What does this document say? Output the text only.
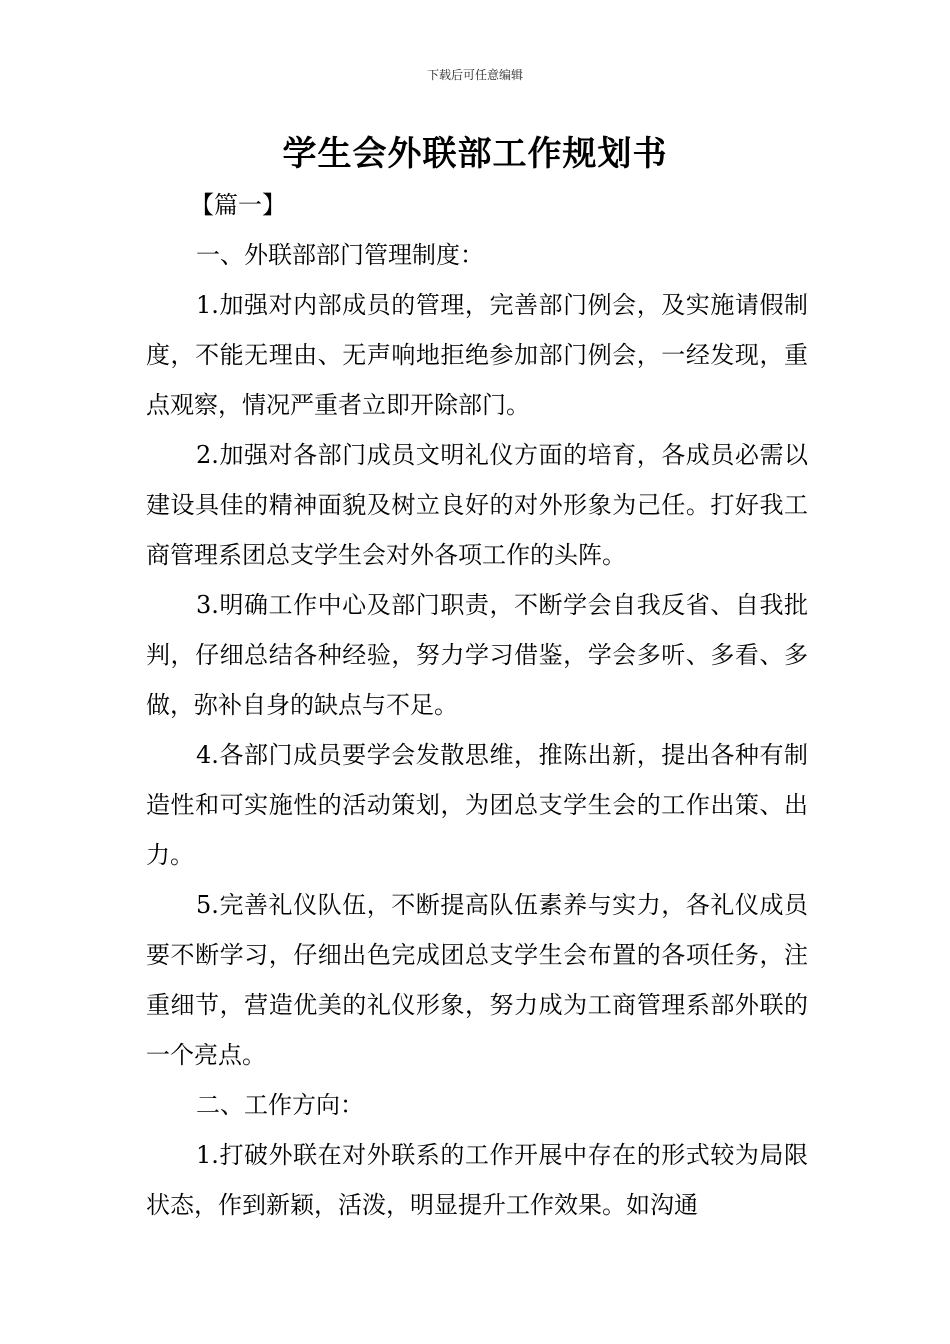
下载后可任意编辑
学生会外联部工作规划书

【篇一】

一、外联部部门管理制度：

1.加强对内部成员的管理，完善部门例会，及实施请假制度，不能无理由、无声响地拒绝参加部门例会，一经发现，重点观察，情况严重者立即开除部门。

2.加强对各部门成员文明礼仪方面的培育，各成员必需以建设具佳的精神面貌及树立良好的对外形象为己任。打好我工商管理系团总支学生会对外各项工作的头阵。

3.明确工作中心及部门职责，不断学会自我反省、自我批判，仔细总结各种经验，努力学习借鉴，学会多听、多看、多做，弥补自身的缺点与不足。

4.各部门成员要学会发散思维，推陈出新，提出各种有制造性和可实施性的活动策划，为团总支学生会的工作出策、出力。

5.完善礼仪队伍，不断提高队伍素养与实力，各礼仪成员要不断学习，仔细出色完成团总支学生会布置的各项任务，注重细节，营造优美的礼仪形象，努力成为工商管理系部外联的一个亮点。

二、工作方向：

1.打破外联在对外联系的工作开展中存在的形式较为局限状态，作到新颖，活泼，明显提升工作效果。如沟通
